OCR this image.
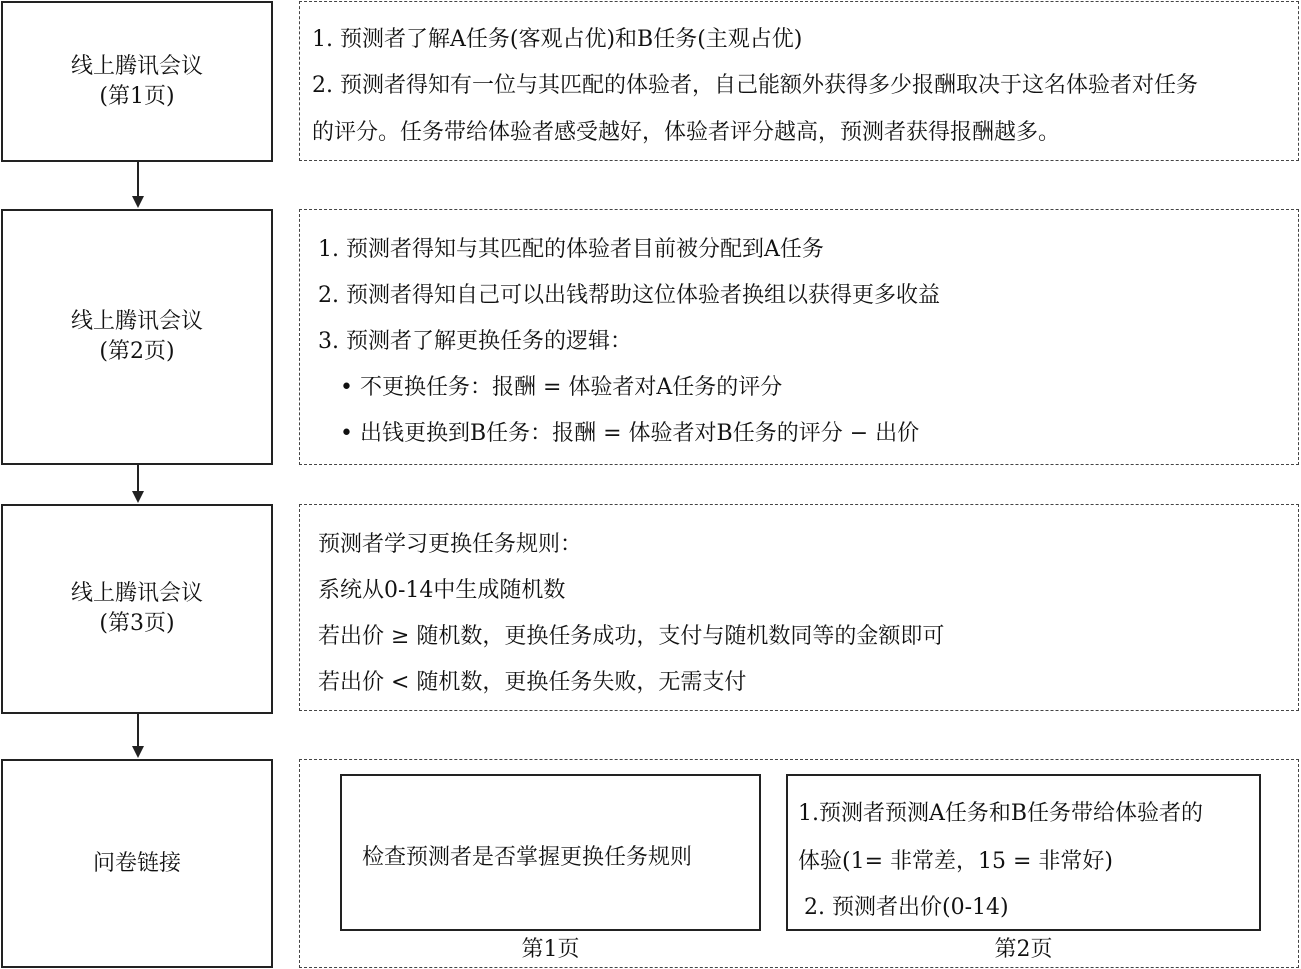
线上腾讯会议
(第1页)
线上腾讯会议
(第2页)
线上腾讯会议
(第3页)
问卷链接
1. 预测者了解A任务(客观占优)和B任务(主观占优)
2. 预测者得知有一位与其匹配的体验者，自己能额外获得多少报酬取决于这名体验者对任务
的评分。任务带给体验者感受越好，体验者评分越高，预测者获得报酬越多。
1. 预测者得知与其匹配的体验者目前被分配到A任务
2. 预测者得知自己可以出钱帮助这位体验者换组以获得更多收益
3. 预测者了解更换任务的逻辑：
• 不更换任务：报酬 = 体验者对A任务的评分
• 出钱更换到B任务：报酬 = 体验者对B任务的评分 − 出价
预测者学习更换任务规则：
系统从0-14中生成随机数
若出价 ≥ 随机数，更换任务成功，支付与随机数同等的金额即可
若出价 < 随机数，更换任务失败，无需支付
检查预测者是否掌握更换任务规则
第1页
1.预测者预测A任务和B任务带给体验者的
体验(1= 非常差，15 = 非常好)
2. 预测者出价(0-14)
第2页
